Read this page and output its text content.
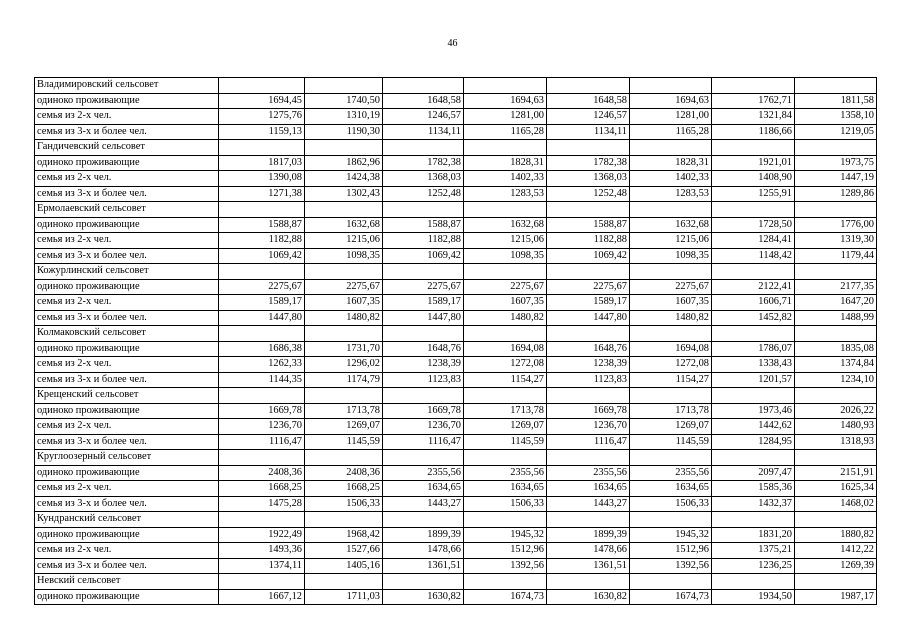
46
Владимировский сельсовет								
одиноко проживающие	1694,45	1740,50	1648,58	1694,63	1648,58	1694,63	1762,71	1811,58
семья из 2-х чел.	1275,76	1310,19	1246,57	1281,00	1246,57	1281,00	1321,84	1358,10
семья из 3-х и более чел.	1159,13	1190,30	1134,11	1165,28	1134,11	1165,28	1186,66	1219,05
Гандичевский сельсовет								
одиноко проживающие	1817,03	1862,96	1782,38	1828,31	1782,38	1828,31	1921,01	1973,75
семья из 2-х чел.	1390,08	1424,38	1368,03	1402,33	1368,03	1402,33	1408,90	1447,19
семья из 3-х и более чел.	1271,38	1302,43	1252,48	1283,53	1252,48	1283,53	1255,91	1289,86
Ермолаевский сельсовет								
одиноко проживающие	1588,87	1632,68	1588,87	1632,68	1588,87	1632,68	1728,50	1776,00
семья из 2-х чел.	1182,88	1215,06	1182,88	1215,06	1182,88	1215,06	1284,41	1319,30
семья из 3-х и более чел.	1069,42	1098,35	1069,42	1098,35	1069,42	1098,35	1148,42	1179,44
Кожурлинский сельсовет								
одиноко проживающие	2275,67	2275,67	2275,67	2275,67	2275,67	2275,67	2122,41	2177,35
семья из 2-х чел.	1589,17	1607,35	1589,17	1607,35	1589,17	1607,35	1606,71	1647,20
семья из 3-х и более чел.	1447,80	1480,82	1447,80	1480,82	1447,80	1480,82	1452,82	1488,99
Колмаковский сельсовет								
одиноко проживающие	1686,38	1731,70	1648,76	1694,08	1648,76	1694,08	1786,07	1835,08
семья из 2-х чел.	1262,33	1296,02	1238,39	1272,08	1238,39	1272,08	1338,43	1374,84
семья из 3-х и более чел.	1144,35	1174,79	1123,83	1154,27	1123,83	1154,27	1201,57	1234,10
Крещенский сельсовет								
одиноко проживающие	1669,78	1713,78	1669,78	1713,78	1669,78	1713,78	1973,46	2026,22
семья из 2-х чел.	1236,70	1269,07	1236,70	1269,07	1236,70	1269,07	1442,62	1480,93
семья из 3-х и более чел.	1116,47	1145,59	1116,47	1145,59	1116,47	1145,59	1284,95	1318,93
Круглоозерный сельсовет								
одиноко проживающие	2408,36	2408,36	2355,56	2355,56	2355,56	2355,56	2097,47	2151,91
семья из 2-х чел.	1668,25	1668,25	1634,65	1634,65	1634,65	1634,65	1585,36	1625,34
семья из 3-х и более чел.	1475,28	1506,33	1443,27	1506,33	1443,27	1506,33	1432,37	1468,02
Кундранский сельсовет								
одиноко проживающие	1922,49	1968,42	1899,39	1945,32	1899,39	1945,32	1831,20	1880,82
семья из 2-х чел.	1493,36	1527,66	1478,66	1512,96	1478,66	1512,96	1375,21	1412,22
семья из 3-х и более чел.	1374,11	1405,16	1361,51	1392,56	1361,51	1392,56	1236,25	1269,39
Невский сельсовет								
одиноко проживающие	1667,12	1711,03	1630,82	1674,73	1630,82	1674,73	1934,50	1987,17
